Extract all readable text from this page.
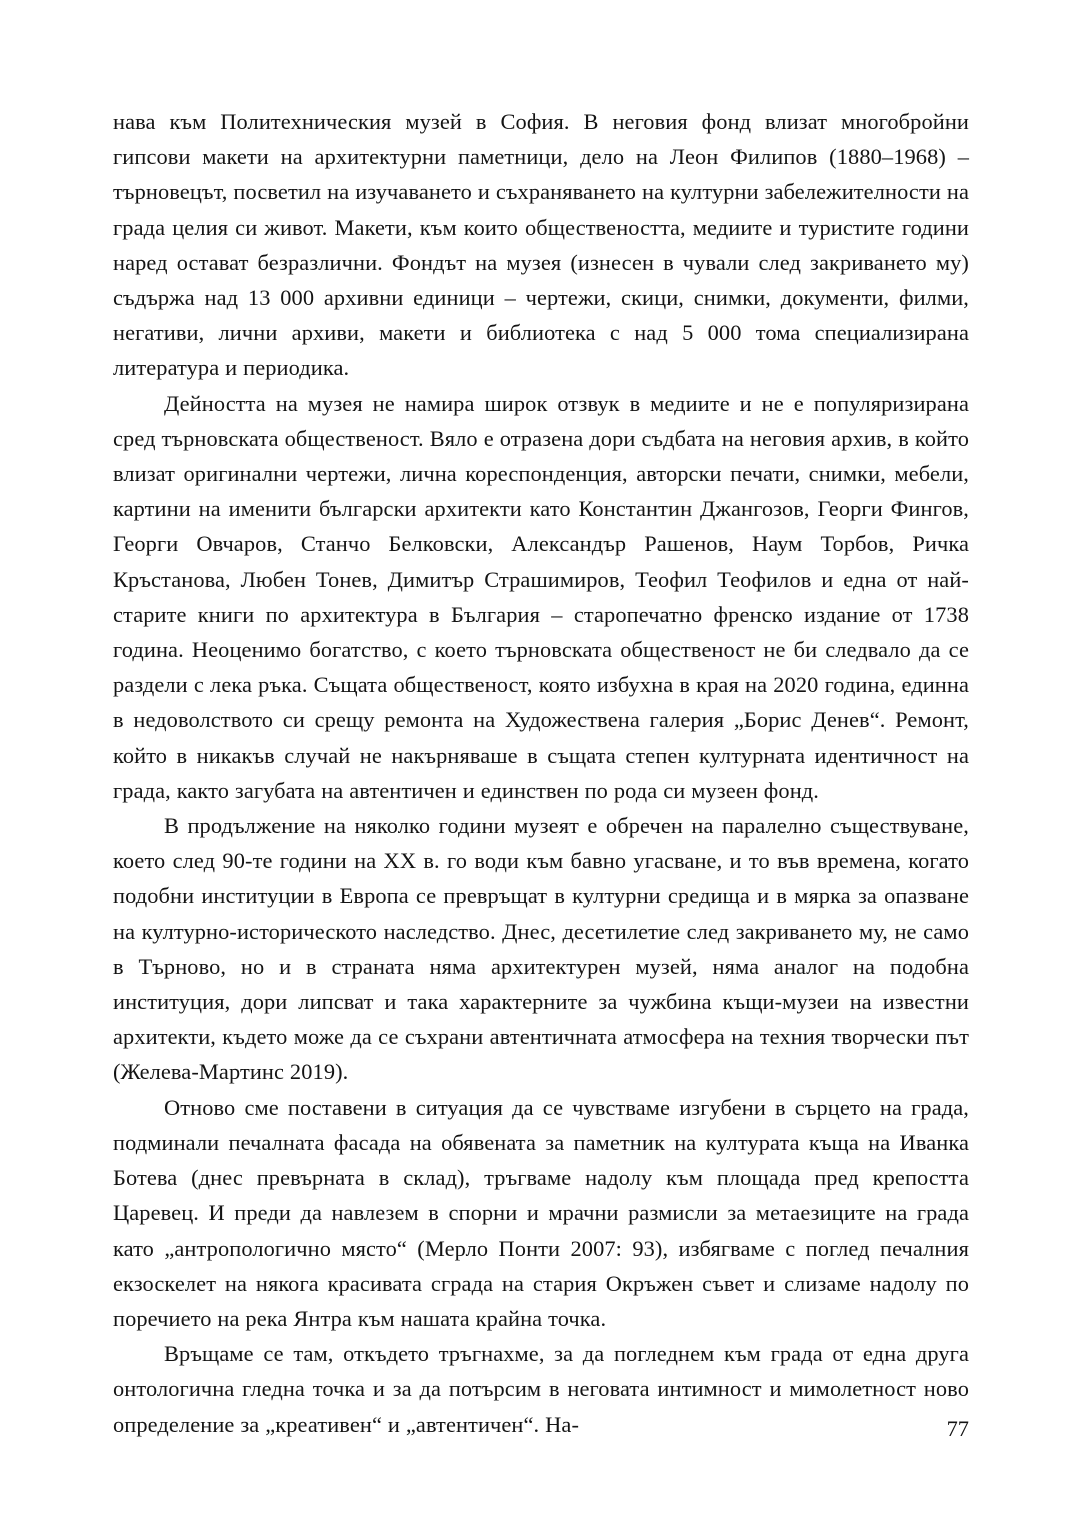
нава към Политехническия музей в София. В неговия фонд влизат многобройни гипсови макети на архитектурни паметници, дело на Леон Филипов (1880–1968) – търновецът, посветил на изучаването и съхраняването на културни забележителности на града целия си живот. Макети, към които общественосттa, медиите и туристите години наред остават безразлични. Фондът на музея (изнесен в чували след закриването му) съдържа над 13 000 архивни единици – чертежи, скици, снимки, документи, филми, негативи, лични архиви, макети и библиотека с над 5 000 тома специализирана литература и периодика.

Дейността на музея не намира широк отзвук в медиите и не е популяризирана сред търновската общественост. Вяло е отразена дори съдбата на неговия архив, в който влизат оригинални чертежи, лична кореспонденция, авторски печати, снимки, мебели, картини на именити български архитекти като Константин Джангозов, Георги Фингов, Георги Овчаров, Станчо Белковски, Александър Рашенов, Наум Торбов, Ричка Кръстанова, Любен Тонев, Димитър Страшимиров, Теофил Теофилов и една от най-старите книги по архитектура в България – старопечатно френско издание от 1738 година. Неоценимо богатство, с което търновската общественост не би следвало да се раздели с лека ръка. Същата общественост, която избухна в края на 2020 година, единна в недоволството си срещу ремонта на Художествена галерия „Борис Денев“. Ремонт, който в никакъв случай не накърняваше в същата степен културната идентичност на града, както загубата на автентичен и единствен по рода си музеен фонд.

В продължение на няколко години музеят е обречен на паралелно съществуване, което след 90-те години на ХХ в. го води към бавно угасване, и то във времена, когато подобни институции в Европа се превръщат в културни средища и в мярка за опазване на културно-историческото наследство. Днес, десетилетие след закриването му, не само в Търново, но и в страната няма архитектурен музей, няма аналог на подобна институция, дори липсват и така характерните за чужбина къщи-музеи на известни архитекти, където може да се съхрани автентичната атмосфера на техния творчески път (Желева-Мартинс 2019).

Отново сме поставени в ситуация да се чувстваме изгубени в сърцето на града, подминали печалната фасада на обявената за паметник на културата къща на Иванка Ботева (днес превърната в склад), тръгваме надолу към площада пред крепостта Царевец. И преди да навлезем в спорни и мрачни размисли за метаезиците на града като „антропологично място“ (Мерло Понти 2007: 93), избягваме с поглед печалния екзоскелет на някога красивата сграда на стария Окръжен съвет и слизаме надолу по поречието на река Янтра към нашата крайна точка.

Връщаме се там, откъдето тръгнахме, за да погледнем към града от една друга онтологична гледна точка и за да потърсим в неговата интимност и мимолетност ново определение за „креативен“ и „автентичен“. На-	77
